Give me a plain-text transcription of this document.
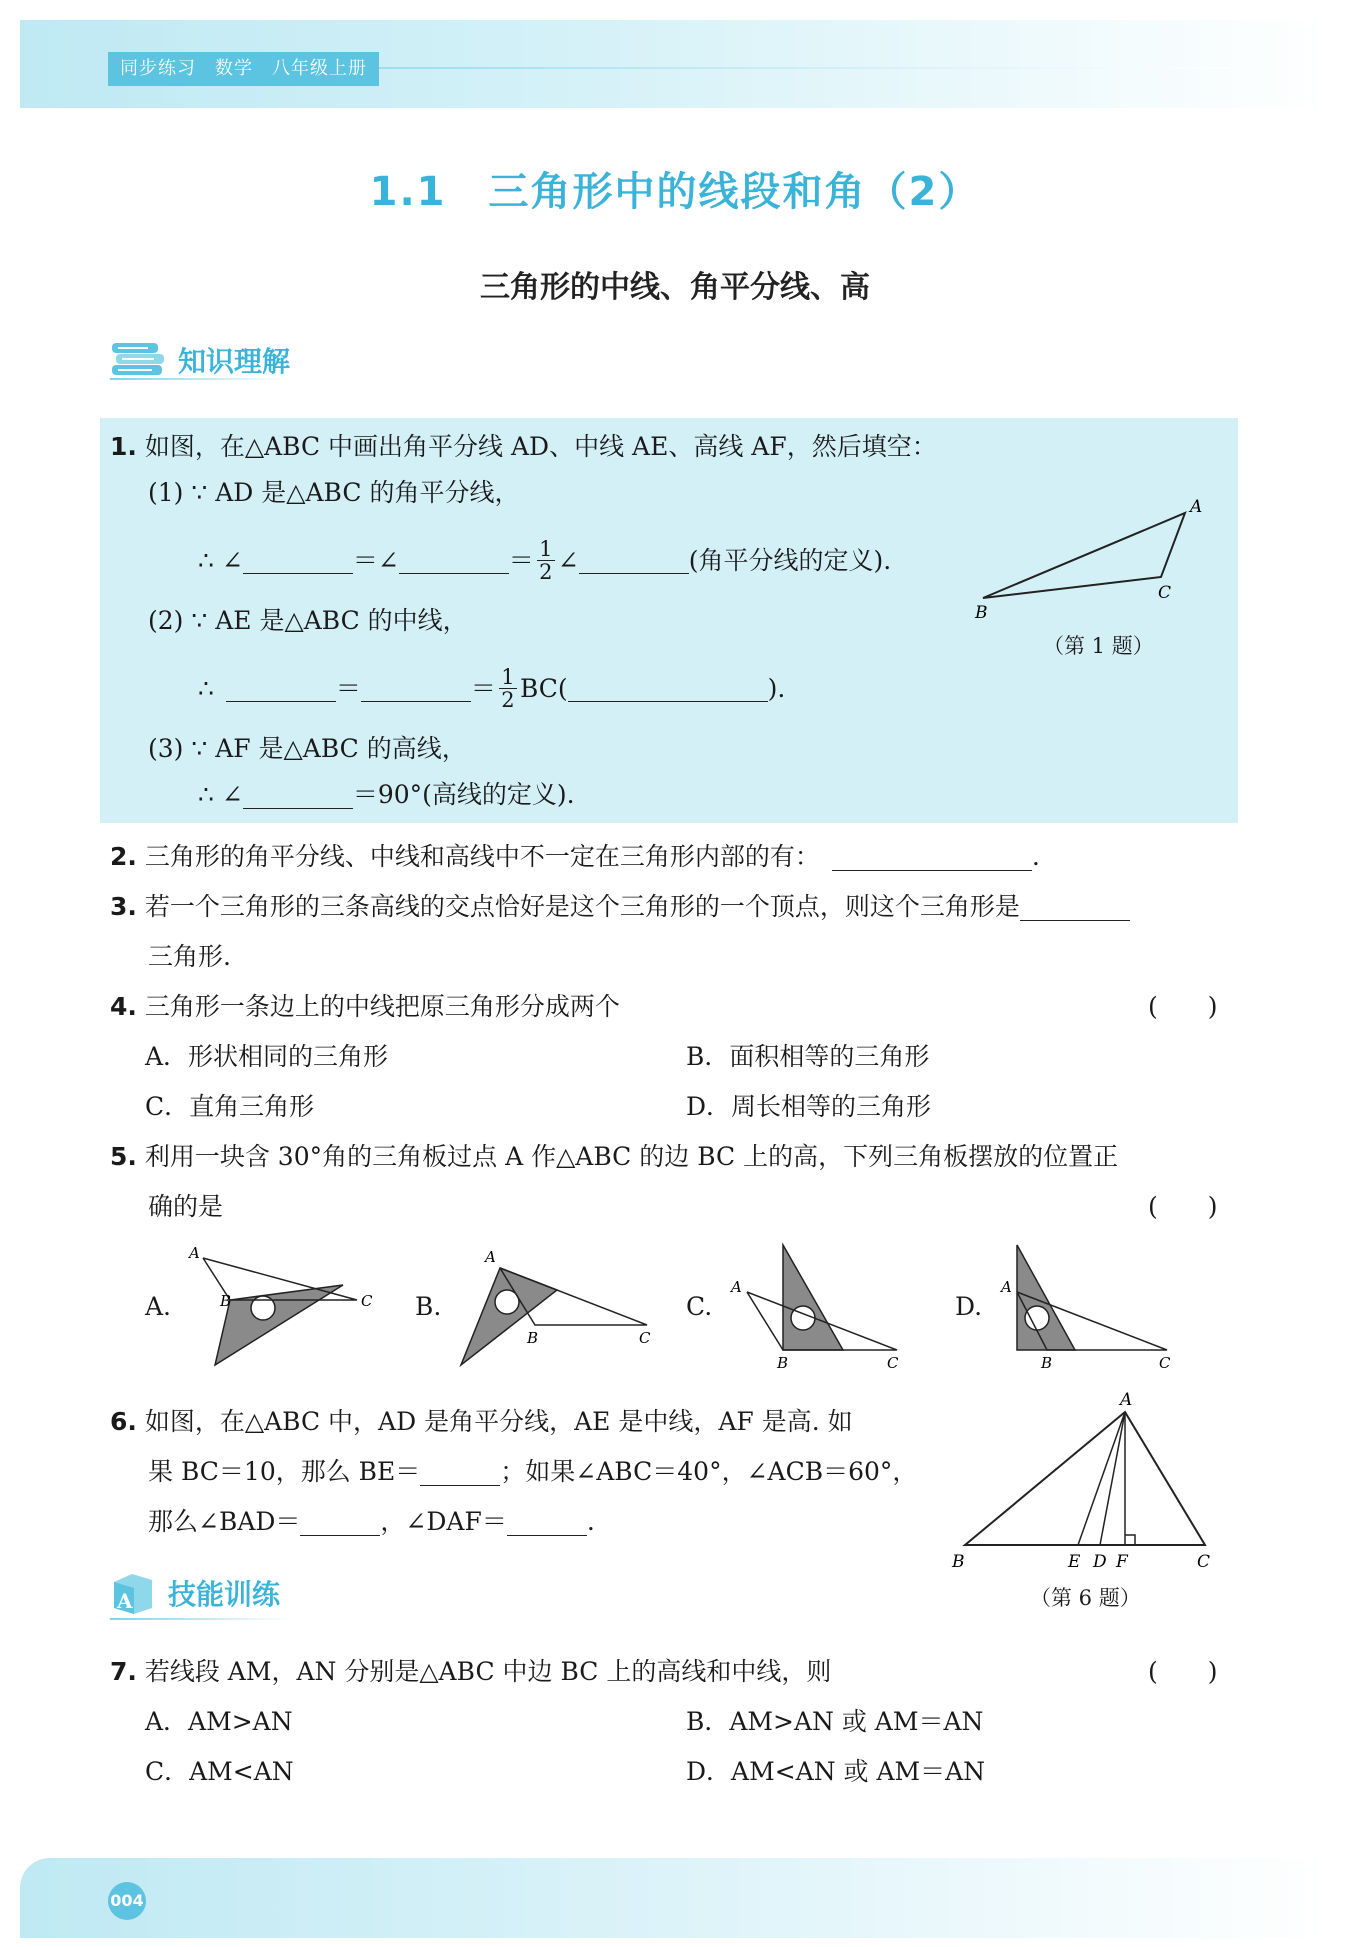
同步练习　数学　八年级上册
1.1　三角形中的线段和角（2）
三角形的中线、角平分线、高
知识理解
1. 如图，在△ABC 中画出角平分线 AD、中线 AE、高线 AF，然后填空：
(1) ∵ AD 是△ABC 的角平分线，
∴ ∠	＝∠	＝ $\frac{1}{2}$ ∠	(角平分线的定义).
(2) ∵ AE 是△ABC 的中线，
∴	＝	＝ $\frac{1}{2} BC$(	).
(3) ∵ AF 是△ABC 的高线，
∴ ∠	＝90°(高线的定义).
A
B
C
（第 1 题）
2. 三角形的角平分线、中线和高线中不一定在三角形内部的有：	.
3. 若一个三角形的三条高线的交点恰好是这个三角形的一个顶点，则这个三角形是
三角形.
4. 三角形一条边上的中线把原三角形分成两个	(　　)
A．形状相同的三角形	B．面积相等的三角形
C．直角三角形	D．周长相等的三角形
5. 利用一块含 30°角的三角板过点 A 作△ABC 的边 BC 上的高，下列三角板摆放的位置正
确的是	(　　)
A.
A
B	C B.
A
B	C
C.
A
B	C
D.
A
B	C
6. 如图，在△ABC 中，AD 是角平分线，AE 是中线，AF 是高. 如
果 BC＝10，那么 BE＝	；如果∠ABC＝40°，∠ACB＝60°，
那么∠BAD＝	，∠DAF＝	.
A
B	E D F	C
（第 6 题）
A 技能训练
7. 若线段 AM，AN 分别是△ABC 中边 BC 上的高线和中线，则	(　　)
A．AM>AN	B．AM>AN 或 AM＝AN
C．AM<AN	D．AM<AN 或 AM＝AN
004
